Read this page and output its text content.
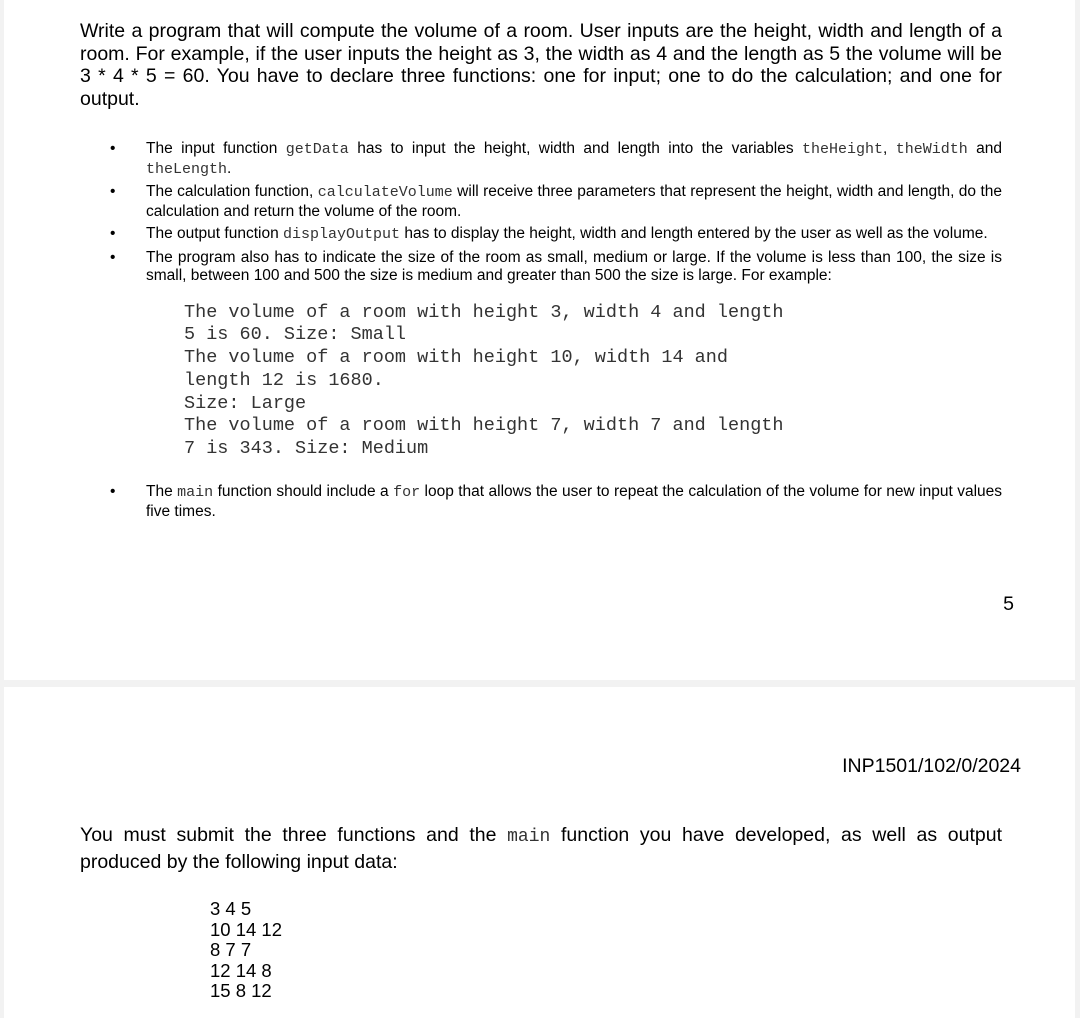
Write a program that will compute the volume of a room. User inputs are the height, width and length of a room. For example, if the user inputs the height as 3, the width as 4 and the length as 5 the volume will be 3 * 4 * 5 = 60. You have to declare three functions: one for input; one to do the calculation; and one for output.

• The input function getData has to input the height, width and length into the variables theHeight, theWidth and theLength.
• The calculation function, calculateVolume will receive three parameters that represent the height, width and length, do the calculation and return the volume of the room.
• The output function displayOutput has to display the height, width and length entered by the user as well as the volume.
• The program also has to indicate the size of the room as small, medium or large. If the volume is less than 100, the size is small, between 100 and 500 the size is medium and greater than 500 the size is large. For example:
The volume of a room with height 3, width 4 and length
5 is 60. Size: Small
The volume of a room with height 10, width 14 and
length 12 is 1680.
Size: Large
The volume of a room with height 7, width 7 and length
7 is 343. Size: Medium
• The main function should include a for loop that allows the user to repeat the calculation of the volume for new input values five times.
5
INP1501/102/0/2024

You must submit the three functions and the main function you have developed, as well as output produced by the following input data:

3 4 5
10 14 12
8 7 7
12 14 8
15 8 12
